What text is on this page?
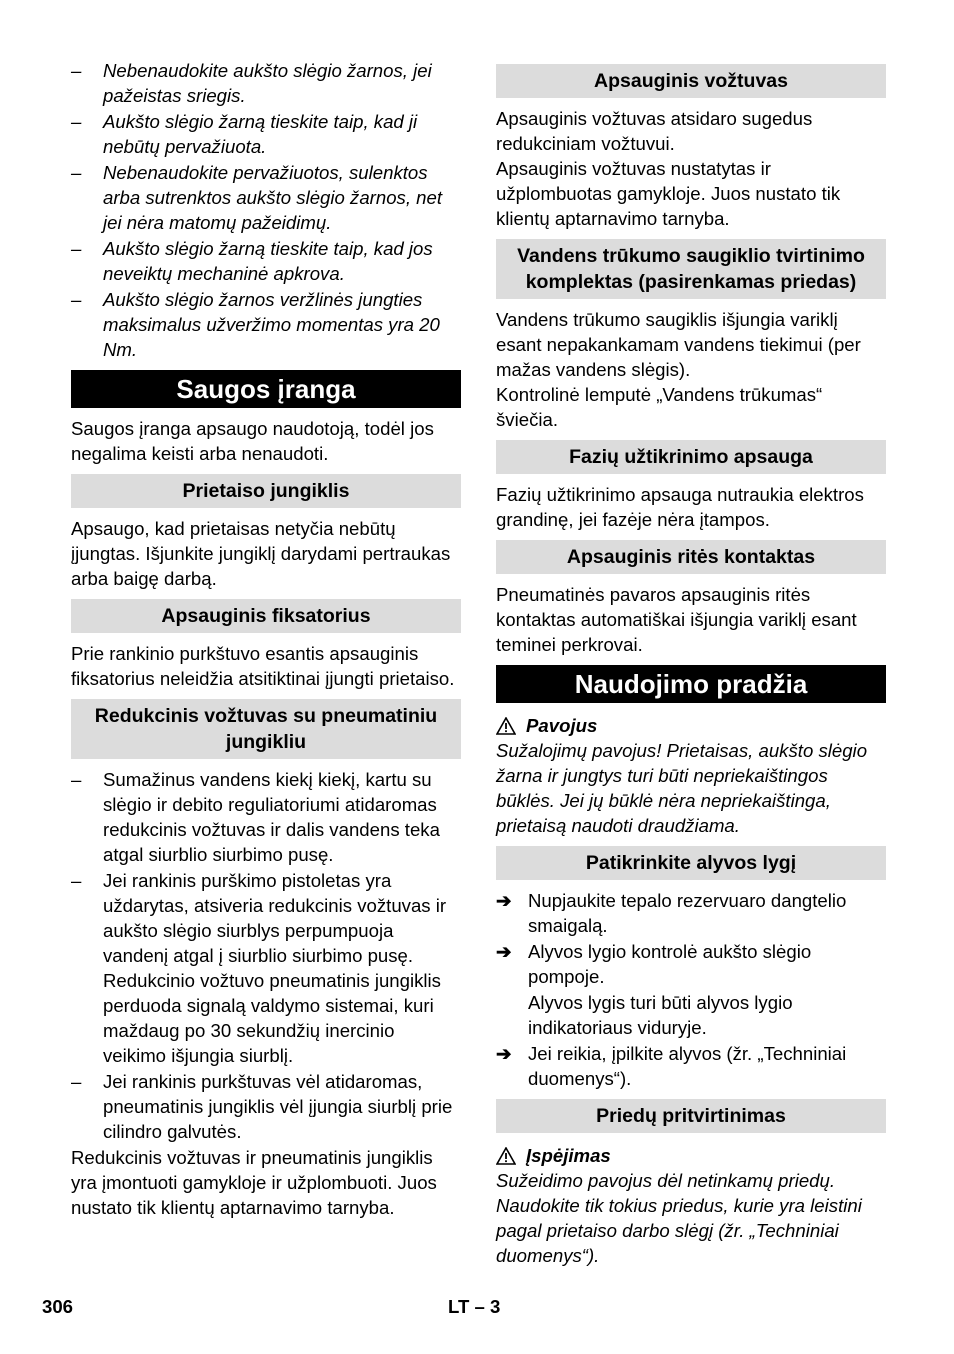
– Nebenaudokite aukšto slėgio žarnos, jei pažeistas sriegis.
– Aukšto slėgio žarną tieskite taip, kad ji nebūtų pervažiuota.
– Nebenaudokite pervažiuotos, sulenktos arba sutrenktos aukšto slėgio žarnos, net jei nėra matomų pažeidimų.
– Aukšto slėgio žarną tieskite taip, kad jos neveiktų mechaninė apkrova.
– Aukšto slėgio žarnos veržlinės jungties maksimalus užveržimo momentas yra 20 Nm.
Saugos įranga

Saugos įranga apsaugo naudotoją, todėl jos negalima keisti arba nenaudoti.

Prietaiso jungiklis

Apsaugo, kad prietaisas netyčia nebūtų įjungtas. Išjunkite jungiklį darydami pertraukas arba baigę darbą.

Apsauginis fiksatorius

Prie rankinio purkštuvo esantis apsauginis fiksatorius neleidžia atsitiktinai įjungti prietaiso.

Redukcinis vožtuvas su pneumatiniu jungikliu
– Sumažinus vandens kiekį kiekį, kartu su slėgio ir debito reguliatoriumi atidaromas redukcinis vožtuvas ir dalis vandens teka atgal siurblio siurbimo pusę.
– Jei rankinis purškimo pistoletas yra uždarytas, atsiveria redukcinis vožtuvas ir aukšto slėgio siurblys perpumpuoja vandenį atgal į siurblio siurbimo pusę. Redukcinio vožtuvo pneumatinis jungiklis perduoda signalą valdymo sistemai, kuri maždaug po 30 sekundžių inercinio veikimo išjungia siurblį.
– Jei rankinis purkštuvas vėl atidaromas, pneumatinis jungiklis vėl įjungia siurblį prie cilindro galvutės.

Redukcinis vožtuvas ir pneumatinis jungiklis yra įmontuoti gamykloje ir užplombuoti. Juos nustato tik klientų aptarnavimo tarnyba.

Apsauginis vožtuvas

Apsauginis vožtuvas atsidaro sugedus redukciniam vožtuvui.

Apsauginis vožtuvas nustatytas ir užplombuotas gamykloje. Juos nustato tik klientų aptarnavimo tarnyba.

Vandens trūkumo saugiklio tvirtinimo komplektas (pasirenkamas priedas)

Vandens trūkumo saugiklis išjungia variklį esant nepakankamam vandens tiekimui (per mažas vandens slėgis).

Kontrolinė lemputė „Vandens trūkumas“ šviečia.

Fazių užtikrinimo apsauga

Fazių užtikrinimo apsauga nutraukia elektros grandinę, jei fazėje nėra įtampos.

Apsauginis ritės kontaktas

Pneumatinės pavaros apsauginis ritės kontaktas automatiškai išjungia variklį esant teminei perkrovai.

Naudojimo pradžia
Pavojus

Sužalojimų pavojus! Prietaisas, aukšto slėgio žarna ir jungtys turi būti nepriekaištingos būklės. Jei jų būklė nėra nepriekaištinga, prietaisą naudoti draudžiama.

Patikrinkite alyvos lygį
➔ Nupjaukite tepalo rezervuaro dangtelio smaigalą.
➔ Alyvos lygio kontrolė aukšto slėgio pompoje.
Alyvos lygis turi būti alyvos lygio indikatoriaus viduryje.
➔ Jei reikia, įpilkite alyvos (žr. „Techniniai duomenys“).
Priedų pritvirtinimas
Įspėjimas

Sužeidimo pavojus dėl netinkamų priedų. Naudokite tik tokius priedus, kurie yra leistini pagal prietaiso darbo slėgį (žr. „Techniniai duomenys“).

306	LT – 3
